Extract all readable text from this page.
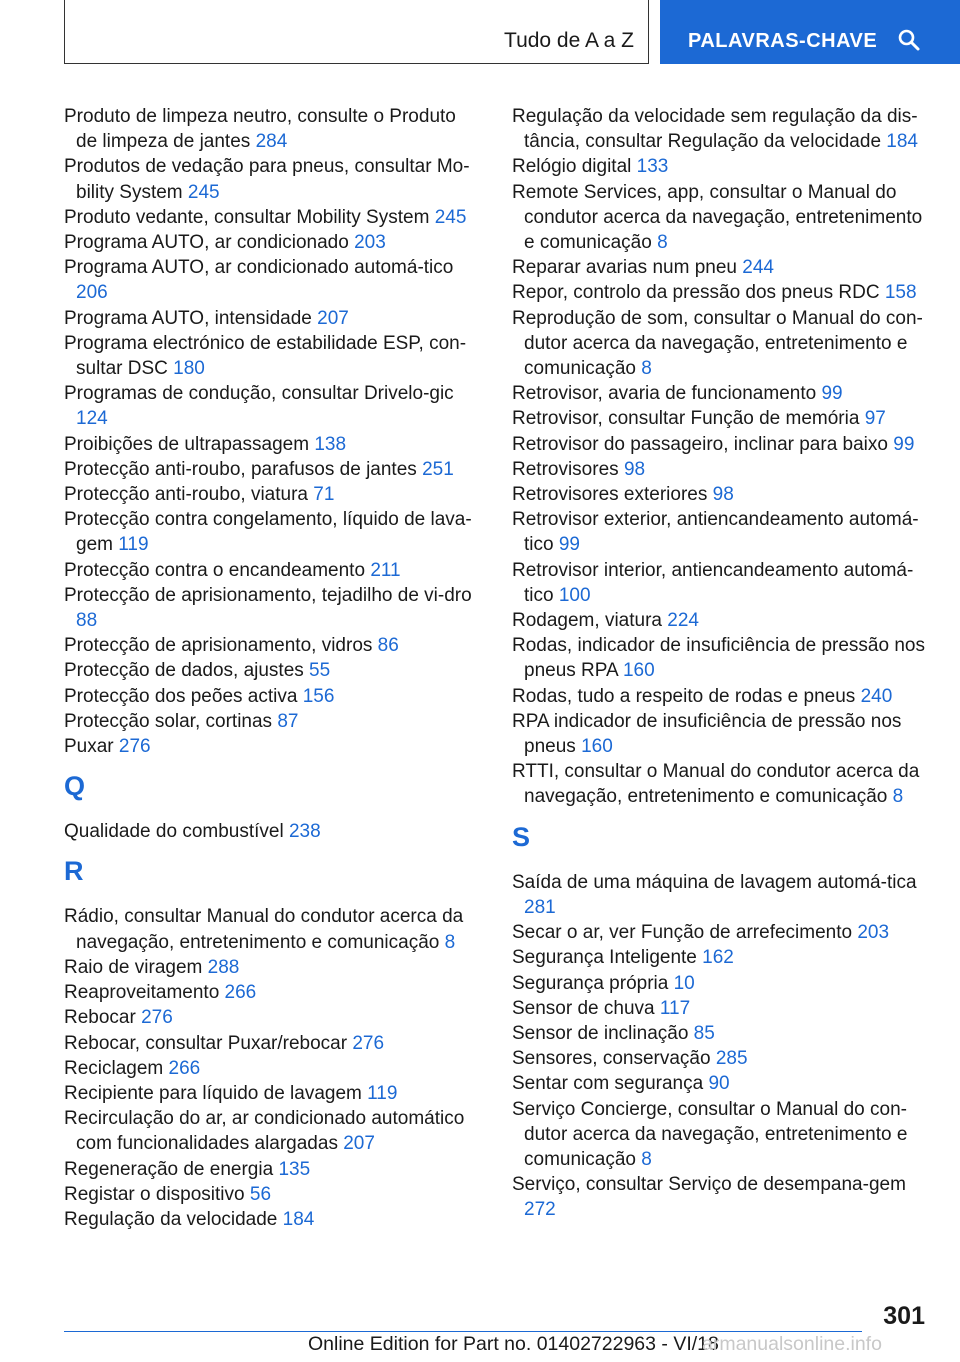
Tudo de A a Z	PALAVRAS-CHAVE
Produto de limpeza neutro, consulte o Produto de limpeza de jantes 284
Produtos de vedação para pneus, consultar Mo‐bility System 245
Produto vedante, consultar Mobility System 245
Programa AUTO, ar condicionado 203
Programa AUTO, ar condicionado automá‐tico 206
Programa AUTO, intensidade 207
Programa electrónico de estabilidade ESP, con‐sultar DSC 180
Programas de condução, consultar Drivelo‐gic 124
Proibições de ultrapassagem 138
Protecção anti-roubo, parafusos de jantes 251
Protecção anti-roubo, viatura 71
Protecção contra congelamento, líquido de lava‐gem 119
Protecção contra o encandeamento 211
Protecção de aprisionamento, tejadilho de vi‐dro 88
Protecção de aprisionamento, vidros 86
Protecção de dados, ajustes 55
Protecção dos peões activa 156
Protecção solar, cortinas 87
Puxar 276
Q
Qualidade do combustível 238
R
Rádio, consultar Manual do condutor acerca da navegação, entretenimento e comunicação 8
Raio de viragem 288
Reaproveitamento 266
Rebocar 276
Rebocar, consultar Puxar/rebocar 276
Reciclagem 266
Recipiente para líquido de lavagem 119
Recirculação do ar, ar condicionado automático com funcionalidades alargadas 207
Regeneração de energia 135
Registar o dispositivo 56
Regulação da velocidade 184
Regulação da velocidade sem regulação da dis‐tância, consultar Regulação da velocidade 184
Relógio digital 133
Remote Services, app, consultar o Manual do condutor acerca da navegação, entretenimento e comunicação 8
Reparar avarias num pneu 244
Repor, controlo da pressão dos pneus RDC 158
Reprodução de som, consultar o Manual do con‐dutor acerca da navegação, entretenimento e comunicação 8
Retrovisor, avaria de funcionamento 99
Retrovisor, consultar Função de memória 97
Retrovisor do passageiro, inclinar para baixo 99
Retrovisores 98
Retrovisores exteriores 98
Retrovisor exterior, antiencandeamento automá‐tico 99
Retrovisor interior, antiencandeamento automá‐tico 100
Rodagem, viatura 224
Rodas, indicador de insuficiência de pressão nos pneus RPA 160
Rodas, tudo a respeito de rodas e pneus 240
RPA indicador de insuficiência de pressão nos pneus 160
RTTI, consultar o Manual do condutor acerca da navegação, entretenimento e comunicação 8
S
Saída de uma máquina de lavagem automá‐tica 281
Secar o ar, ver Função de arrefecimento 203
Segurança Inteligente 162
Segurança própria 10
Sensor de chuva 117
Sensor de inclinação 85
Sensores, conservação 285
Sentar com segurança 90
Serviço Concierge, consultar o Manual do con‐dutor acerca da navegação, entretenimento e comunicação 8
Serviço, consultar Serviço de desempana‐gem 272
301
Online Edition for Part no. 01402722963 - VI/18
armanualsonline.info
